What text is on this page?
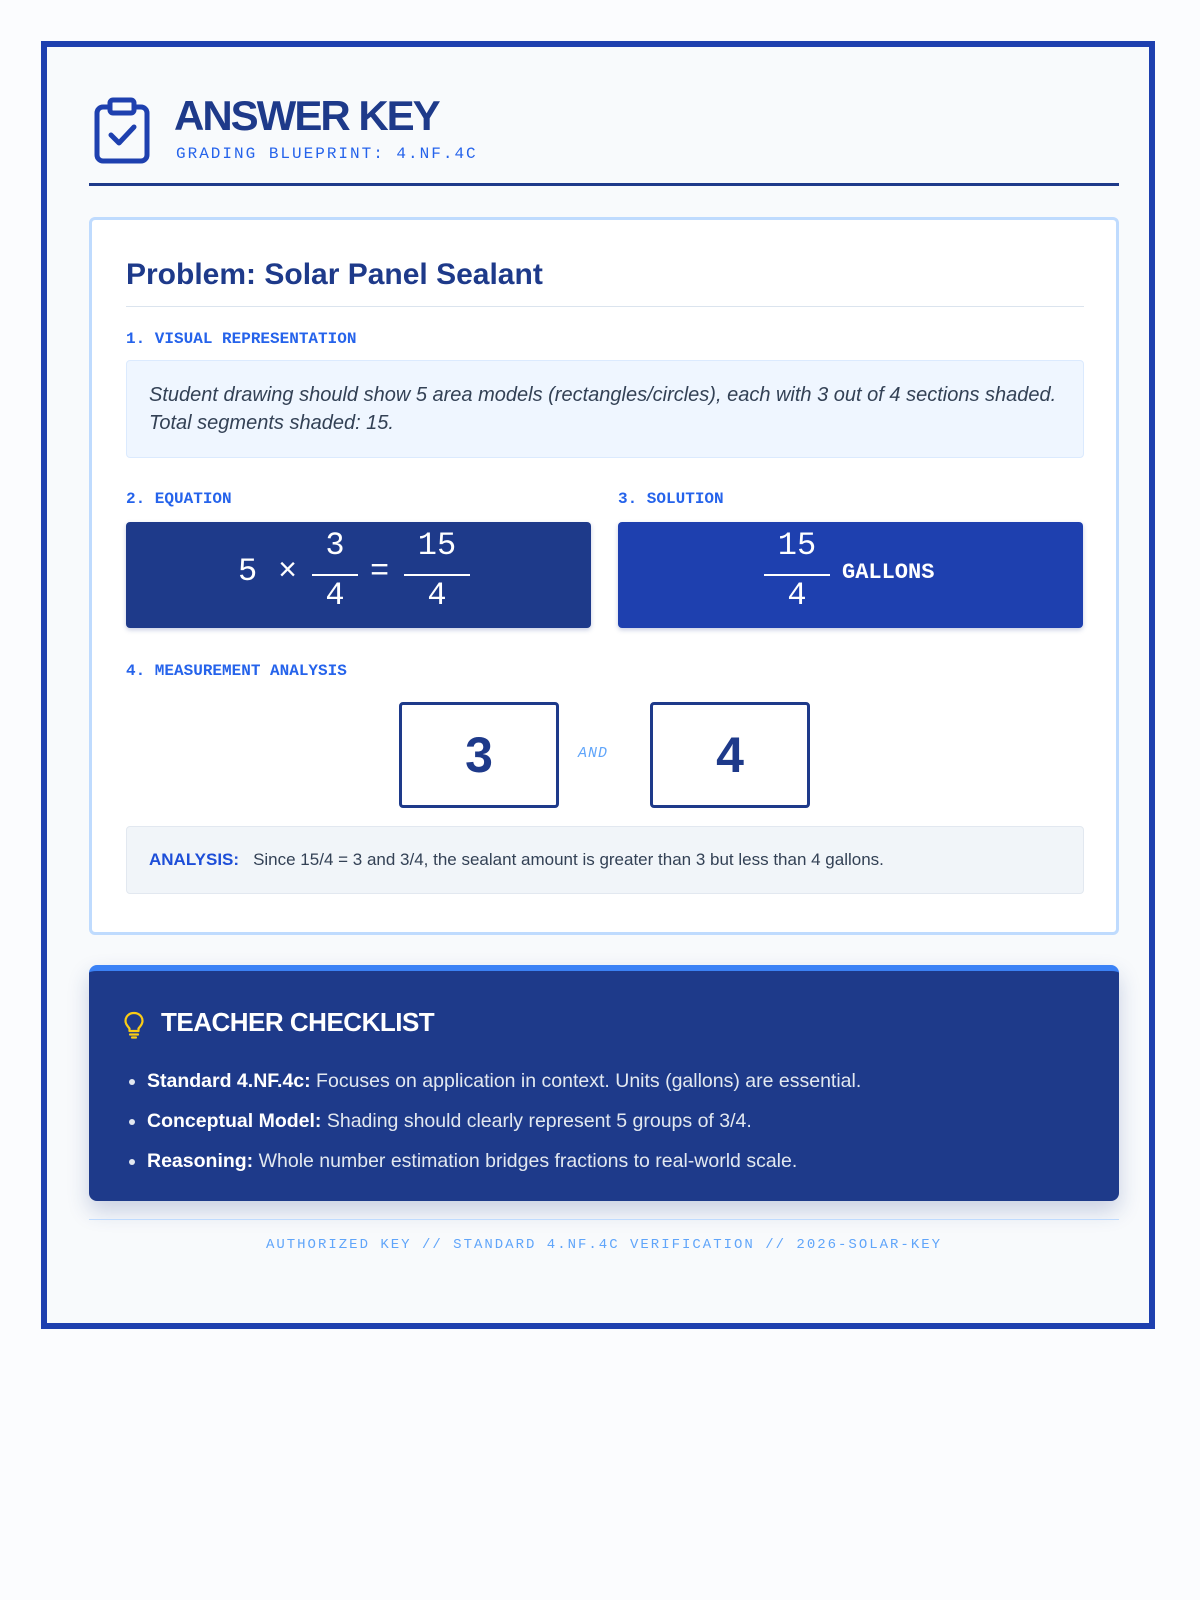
ANSWER KEY
GRADING BLUEPRINT: 4.NF.4C
Problem: Solar Panel Sealant
1. VISUAL REPRESENTATION
Student drawing should show 5 area models (rectangles/circles), each with 3 out of 4 sections shaded. Total segments shaded: 15.
2. EQUATION
5 ×
3
4
=
15
4
3. SOLUTION
15
4
GALLONS
4. MEASUREMENT ANALYSIS
3	AND	4
ANALYSIS: Since 15/4 = 3 and 3/4, the sealant amount is greater than 3 but less than 4 gallons.
TEACHER CHECKLIST
• Standard 4.NF.4c: Focuses on application in context. Units (gallons) are essential.
• Conceptual Model: Shading should clearly represent 5 groups of 3/4.
• Reasoning: Whole number estimation bridges fractions to real-world scale.
AUTHORIZED KEY // STANDARD 4.NF.4C VERIFICATION // 2026-SOLAR-KEY
